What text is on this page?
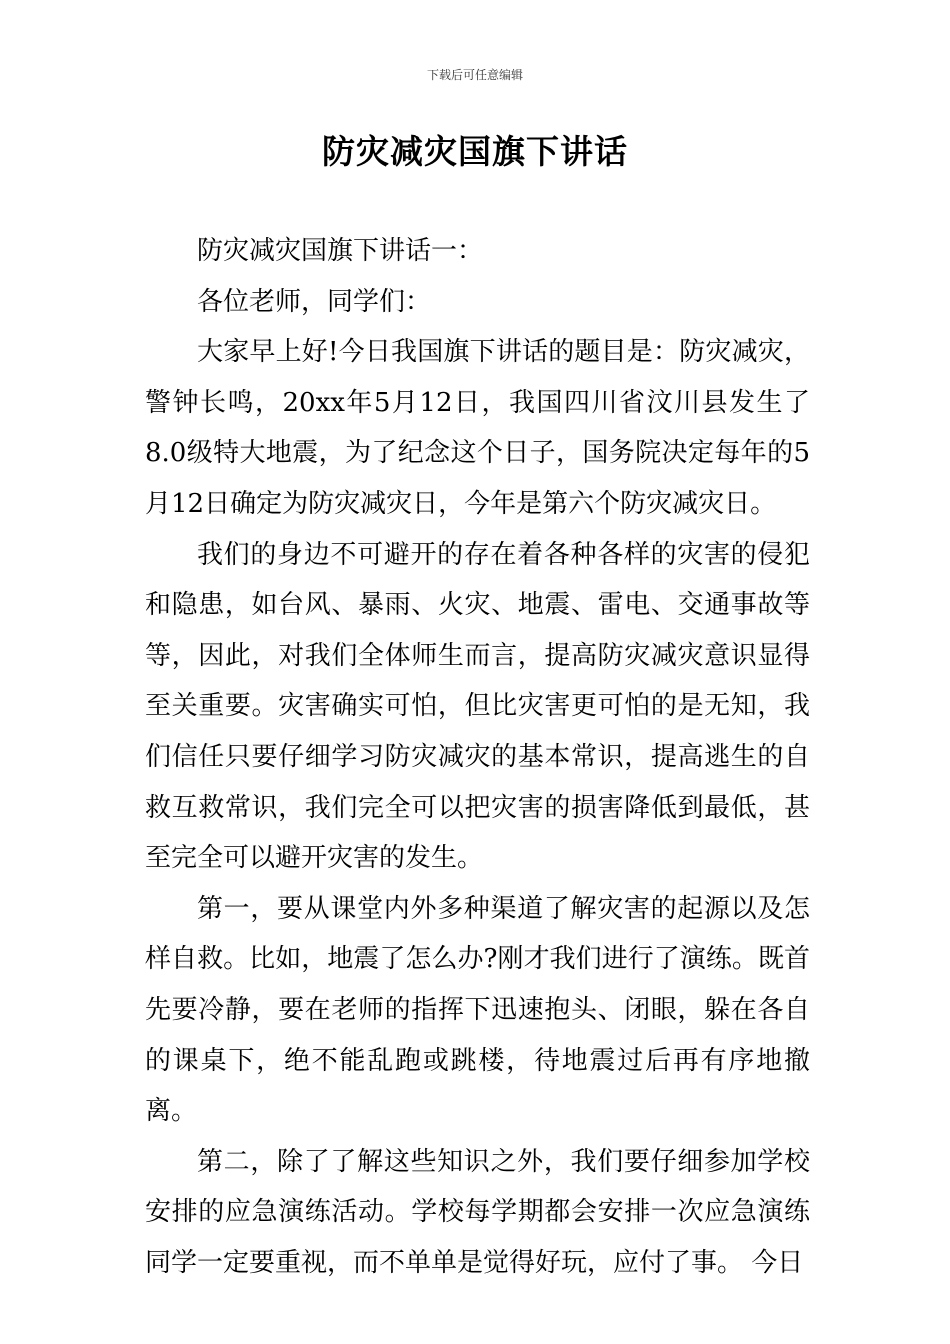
下载后可任意编辑
防灾减灾国旗下讲话

防灾减灾国旗下讲话一：

各位老师，同学们：

大家早上好!今日我国旗下讲话的题目是：防灾减灾，警钟长鸣，20xx年5月12日，我国四川省汶川县发生了8.0级特大地震，为了纪念这个日子，国务院决定每年的5月12日确定为防灾减灾日，今年是第六个防灾减灾日。

我们的身边不可避开的存在着各种各样的灾害的侵犯和隐患，如台风、暴雨、火灾、地震、雷电、交通事故等等，因此，对我们全体师生而言，提高防灾减灾意识显得至关重要。灾害确实可怕，但比灾害更可怕的是无知，我们信任只要仔细学习防灾减灾的基本常识，提高逃生的自救互救常识，我们完全可以把灾害的损害降低到最低，甚至完全可以避开灾害的发生。

第一，要从课堂内外多种渠道了解灾害的起源以及怎样自救。比如，地震了怎么办?刚才我们进行了演练。既首先要冷静，要在老师的指挥下迅速抱头、闭眼，躲在各自的课桌下，绝不能乱跑或跳楼，待地震过后再有序地撤离。

第二，除了了解这些知识之外，我们要仔细参加学校安排的应急演练活动。学校每学期都会安排一次应急演练同学一定要重视，而不单单是觉得好玩，应付了事。 今日
